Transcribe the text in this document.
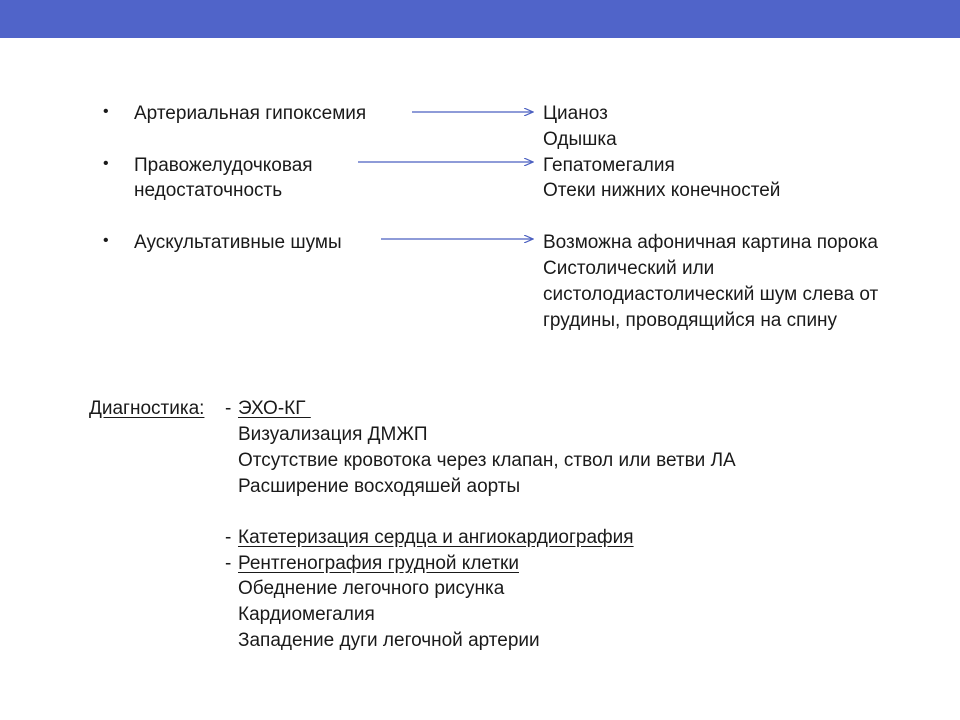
• Артериальная гипоксемия	Цианоз
Одышка
• Правожелудочковая
недостаточность
Гепатомегалия
Отеки нижних конечностей
• Аускультативные шумы	Возможна афоничная картина порока
Систолический или
систолодиастолический шум слева от
грудины, проводящийся на спину
Диагностика: - ЭХО-КГ
Визуализация ДМЖП
Отсутствие кровотока через клапан, ствол или ветви ЛА
Расширение восходяшей аорты
- Катетеризация сердца и ангиокардиография
- Рентгенография грудной клетки
Обеднение легочного рисунка
Кардиомегалия
Западение дуги легочной артерии
